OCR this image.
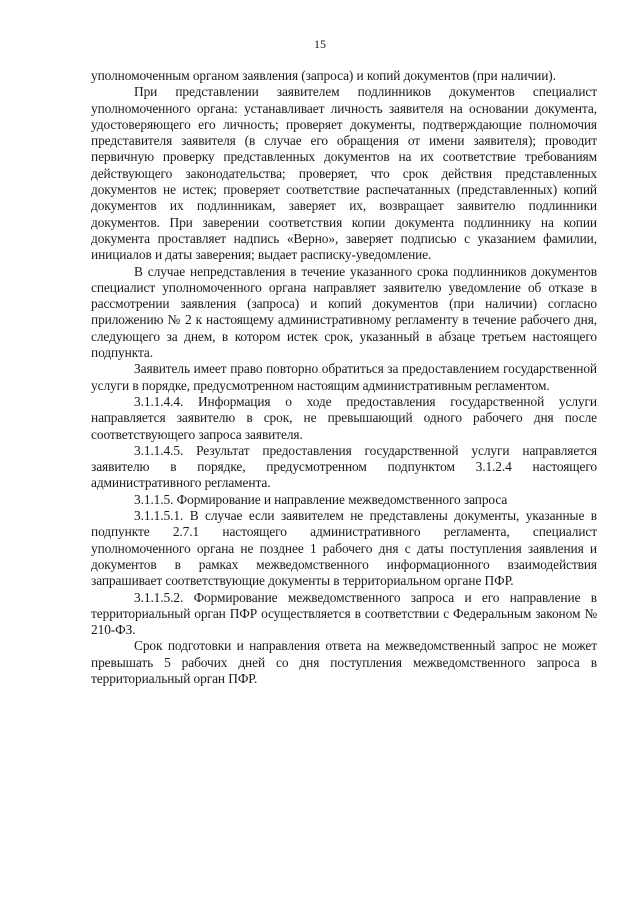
15

уполномоченным органом заявления (запроса) и копий документов (при наличии).

При представлении заявителем подлинников документов специалист уполномоченного органа: устанавливает личность заявителя на основании документа, удостоверяющего его личность; проверяет документы, подтверждающие полномочия представителя заявителя (в случае его обращения от имени заявителя); проводит первичную проверку представленных документов на их соответствие требованиям действующего законодательства; проверяет, что срок действия представленных документов не истек; проверяет соответствие распечатанных (представленных) копий документов их подлинникам, заверяет их, возвращает заявителю подлинники документов. При заверении соответствия копии документа подлиннику на копии документа проставляет надпись «Верно», заверяет подписью с указанием фамилии, инициалов и даты заверения; выдает расписку-уведомление.

В случае непредставления в течение указанного срока подлинников документов специалист уполномоченного органа направляет заявителю уведомление об отказе в рассмотрении заявления (запроса) и копий документов (при наличии) согласно приложению № 2 к настоящему административному регламенту в течение рабочего дня, следующего за днем, в котором истек срок, указанный в абзаце третьем настоящего подпункта.

Заявитель имеет право повторно обратиться за предоставлением государственной услуги в порядке, предусмотренном настоящим административным регламентом.

3.1.1.4.4. Информация о ходе предоставления государственной услуги направляется заявителю в срок, не превышающий одного рабочего дня после соответствующего запроса заявителя.

3.1.1.4.5. Результат предоставления государственной услуги направляется заявителю в порядке, предусмотренном подпунктом 3.1.2.4 настоящего административного регламента.

3.1.1.5. Формирование и направление межведомственного запроса

3.1.1.5.1. В случае если заявителем не представлены документы, указанные в подпункте 2.7.1 настоящего административного регламента, специалист уполномоченного органа не позднее 1 рабочего дня с даты поступления заявления и документов в рамках межведомственного информационного взаимодействия запрашивает соответствующие документы в территориальном органе ПФР.

3.1.1.5.2. Формирование межведомственного запроса и его направление в территориальный орган ПФР осуществляется в соответствии с Федеральным законом № 210-ФЗ.

Срок подготовки и направления ответа на межведомственный запрос не может превышать 5 рабочих дней со дня поступления межведомственного запроса в территориальный орган ПФР.
